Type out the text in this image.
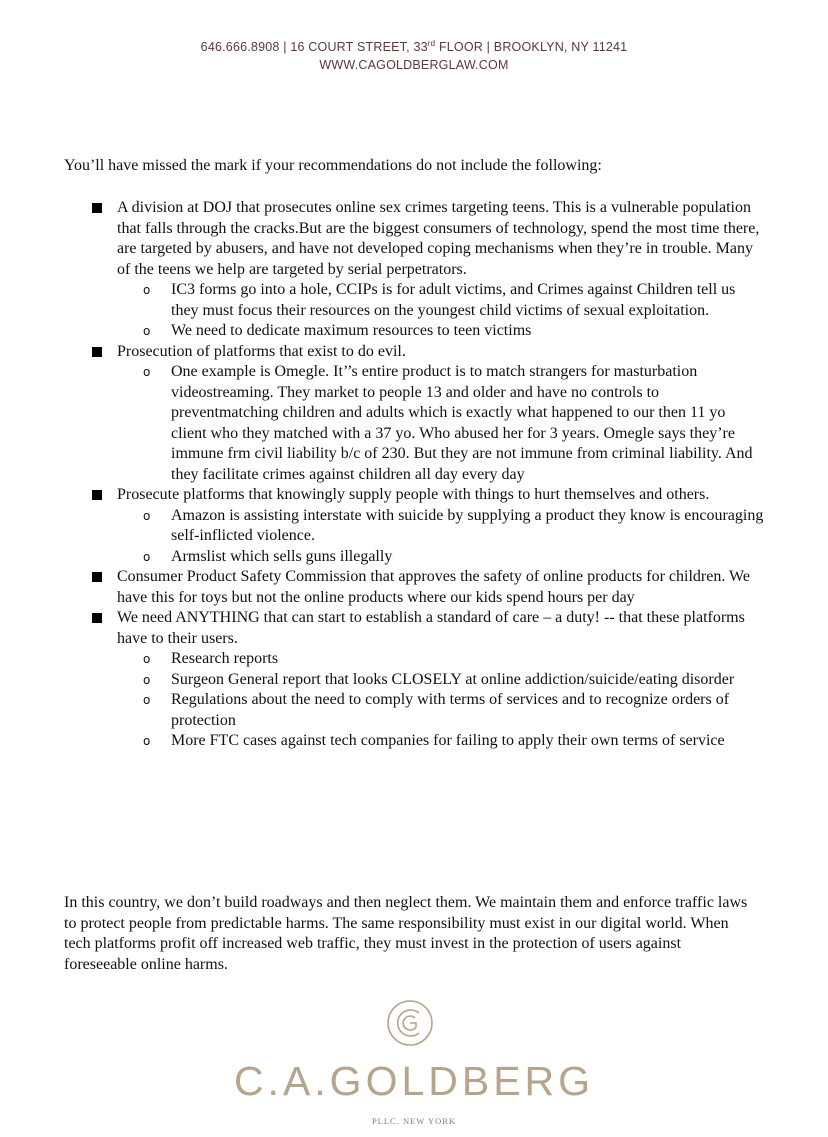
646.666.8908 | 16 COURT STREET, 33rd FLOOR | BROOKLYN, NY 11241
WWW.CAGOLDBERGLAW.COM
You’ll have missed the mark if your recommendations do not include the following:
A division at DOJ that prosecutes online sex crimes targeting teens. This is a vulnerable population that falls through the cracks.But are the biggest consumers of technology, spend the most time there, are targeted by abusers, and have not developed coping mechanisms when they’re in trouble. Many of the teens we help are targeted by serial perpetrators.
o IC3 forms go into a hole, CCIPs is for adult victims, and Crimes against Children tell us they must focus their resources on the youngest child victims of sexual exploitation.
o We need to dedicate maximum resources to teen victims
Prosecution of platforms that exist to do evil.
o One example is Omegle. It’’s entire product is to match strangers for masturbation videostreaming. They market to people 13 and older and have no controls to preventmatching children and adults which is exactly what happened to our then 11 yo client who they matched with a 37 yo. Who abused her for 3 years. Omegle says they’re immune frm civil liability b/c of 230. But they are not immune from criminal liability. And they facilitate crimes against children all day every day
Prosecute platforms that knowingly supply people with things to hurt themselves and others.
o Amazon is assisting interstate with suicide by supplying a product they know is encouraging self-inflicted violence.
o Armslist which sells guns illegally
Consumer Product Safety Commission that approves the safety of online products for children. We have this for toys but not the online products where our kids spend hours per day
We need ANYTHING that can start to establish a standard of care – a duty! -- that these platforms have to their users.
o Research reports
o Surgeon General report that looks CLOSELY at online addiction/suicide/eating disorder
o Regulations about the need to comply with terms of services and to recognize orders of protection
o More FTC cases against tech companies for failing to apply their own terms of service
In this country, we don’t build roadways and then neglect them. We maintain them and enforce traffic laws to protect people from predictable harms. The same responsibility must exist in our digital world. When tech platforms profit off increased web traffic, they must invest in the protection of users against foreseeable online harms.
C.A.GOLDBERG
PLLC. NEW YORK
